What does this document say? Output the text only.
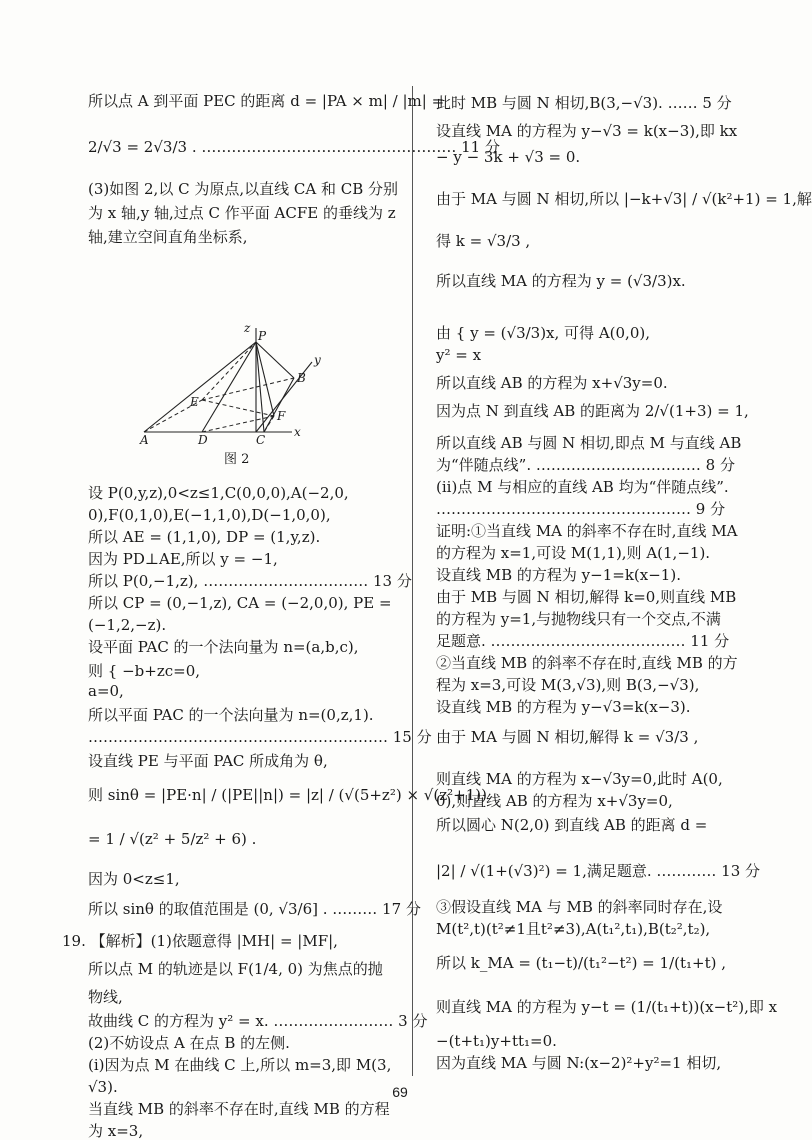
所以点 A 到平面 PEC 的距离 d = |PA × m| / |m| =
2/√3 = 2√3/3 . …………………………………………… 11 分
(3)如图 2,以 C 为原点,以直线 CA 和 CB 分别
为 x 轴,y 轴,过点 C 作平面 ACFE 的垂线为 z
轴,建立空间直角坐标系,
z
P
y
B
E
F
A	D	C
x
图 2
设 P(0,y,z),0<z≤1,C(0,0,0),A(−2,0,
0),F(0,1,0),E(−1,1,0),D(−1,0,0),
所以 AE = (1,1,0), DP = (1,y,z).
因为 PD⊥AE,所以 y = −1,
所以 P(0,−1,z), …………………………… 13 分
所以 CP = (0,−1,z), CA = (−2,0,0), PE =
(−1,2,−z).
设平面 PAC 的一个法向量为 n=(a,b,c),
则 { −b+zc=0,
a=0,
所以平面 PAC 的一个法向量为 n=(0,z,1).
…………………………………………………… 15 分
设直线 PE 与平面 PAC 所成角为 θ,
则 sinθ = |PE·n| / (|PE||n|) = |z| / (√(5+z²) × √(z²+1))
= 1 / √(z² + 5/z² + 6) .
因为 0<z≤1,
所以 sinθ 的取值范围是 (0, √3/6] . ……… 17 分
19. 【解析】(1)依题意得 |MH| = |MF|,
所以点 M 的轨迹是以 F(1/4, 0) 为焦点的抛
物线,
故曲线 C 的方程为 y² = x. …………………… 3 分
(2)不妨设点 A 在点 B 的左侧.
(i)因为点 M 在曲线 C 上,所以 m=3,即 M(3,
√3).
当直线 MB 的斜率不存在时,直线 MB 的方程
为 x=3,
此时 MB 与圆 N 相切,B(3,−√3). …… 5 分
设直线 MA 的方程为 y−√3 = k(x−3),即 kx
− y − 3k + √3 = 0.
由于 MA 与圆 N 相切,所以 |−k+√3| / √(k²+1) = 1,解
得 k = √3/3 ,
所以直线 MA 的方程为 y = (√3/3)x.
由 { y = (√3/3)x, 可得 A(0,0),
y² = x
所以直线 AB 的方程为 x+√3y=0.
因为点 N 到直线 AB 的距离为 2/√(1+3) = 1,
所以直线 AB 与圆 N 相切,即点 M 与直线 AB
为“伴随点线”. …………………………… 8 分
(ii)点 M 与相应的直线 AB 均为“伴随点线”.
…………………………………………… 9 分
证明:①当直线 MA 的斜率不存在时,直线 MA
的方程为 x=1,可设 M(1,1),则 A(1,−1).
设直线 MB 的方程为 y−1=k(x−1).
由于 MB 与圆 N 相切,解得 k=0,则直线 MB
的方程为 y=1,与抛物线只有一个交点,不满
足题意. ………………………………… 11 分
②当直线 MB 的斜率不存在时,直线 MB 的方
程为 x=3,可设 M(3,√3),则 B(3,−√3),
设直线 MB 的方程为 y−√3=k(x−3).
由于 MA 与圆 N 相切,解得 k = √3/3 ,
则直线 MA 的方程为 x−√3y=0,此时 A(0,
0),则直线 AB 的方程为 x+√3y=0,
所以圆心 N(2,0) 到直线 AB 的距离 d =
|2| / √(1+(√3)²) = 1,满足题意. ………… 13 分
③假设直线 MA 与 MB 的斜率同时存在,设
M(t²,t)(t²≠1且t²≠3),A(t₁²,t₁),B(t₂²,t₂),
所以 k_MA = (t₁−t)/(t₁²−t²) = 1/(t₁+t) ,
则直线 MA 的方程为 y−t = (1/(t₁+t))(x−t²),即 x
−(t+t₁)y+tt₁=0.
因为直线 MA 与圆 N:(x−2)²+y²=1 相切,
69
